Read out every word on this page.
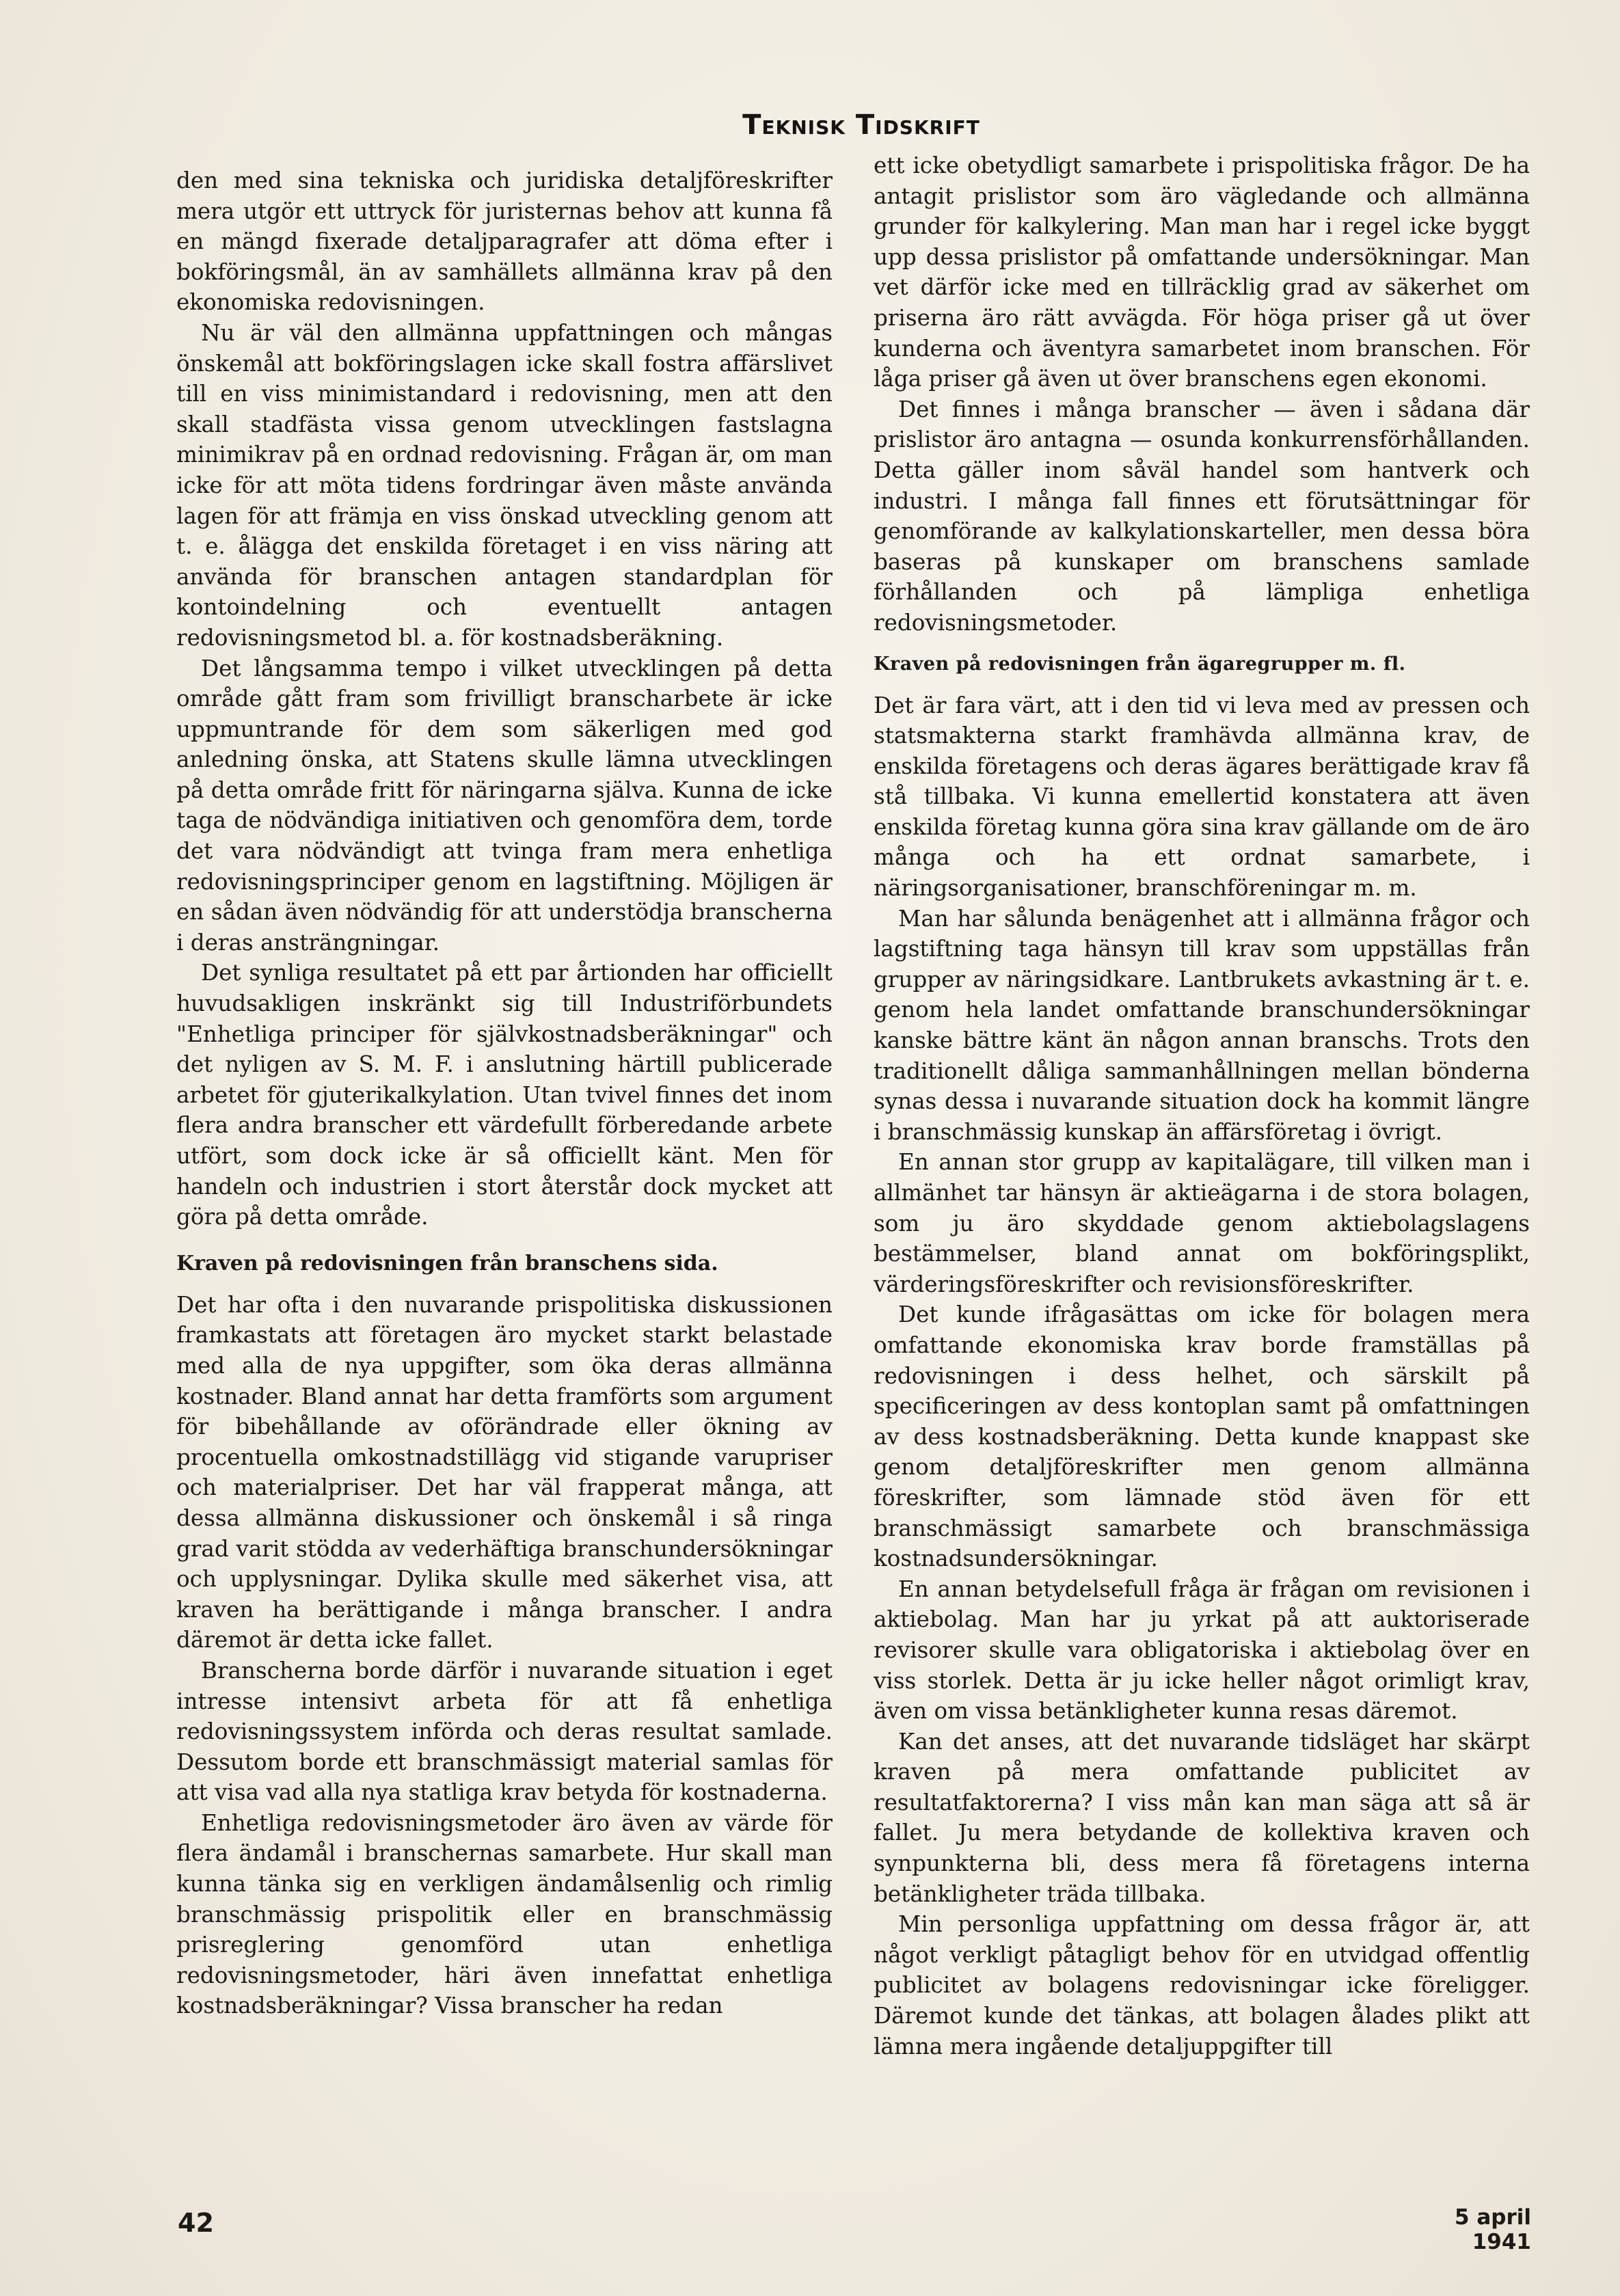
Teknisk Tidskrift

den med sina tekniska och juridiska detaljföreskrifter mera utgör ett uttryck för juristernas behov att kunna få en mängd fixerade detaljparagrafer att döma efter i bokföringsmål, än av samhällets allmänna krav på den ekonomiska redovisningen.

Nu är väl den allmänna uppfattningen och mångas önskemål att bokföringslagen icke skall fostra affärslivet till en viss minimistandard i redovisning, men att den skall stadfästa vissa genom utvecklingen fastslagna minimikrav på en ordnad redovisning. Frågan är, om man icke för att möta tidens fordringar även måste använda lagen för att främja en viss önskad utveckling genom att t. e. ålägga det enskilda företaget i en viss näring att använda för branschen antagen standardplan för kontoindelning och eventuellt antagen redovisningsmetod bl. a. för kostnadsberäkning.

Det långsamma tempo i vilket utvecklingen på detta område gått fram som frivilligt branscharbete är icke uppmuntrande för dem som säkerligen med god anledning önska, att Statens skulle lämna utvecklingen på detta område fritt för näringarna själva. Kunna de icke taga de nödvändiga initiativen och genomföra dem, torde det vara nödvändigt att tvinga fram mera enhetliga redovisningsprinciper genom en lagstiftning. Möjligen är en sådan även nödvändig för att understödja branscherna i deras ansträngningar.

Det synliga resultatet på ett par årtionden har officiellt huvudsakligen inskränkt sig till Industriförbundets "Enhetliga principer för självkostnadsberäkningar" och det nyligen av S. M. F. i anslutning härtill publicerade arbetet för gjuterikalkylation. Utan tvivel finnes det inom flera andra branscher ett värdefullt förberedande arbete utfört, som dock icke är så officiellt känt. Men för handeln och industrien i stort återstår dock mycket att göra på detta område.

Kraven på redovisningen från branschens sida.

Det har ofta i den nuvarande prispolitiska diskussionen framkastats att företagen äro mycket starkt belastade med alla de nya uppgifter, som öka deras allmänna kostnader. Bland annat har detta framförts som argument för bibehållande av oförändrade eller ökning av procentuella omkostnadstillägg vid stigande varupriser och materialpriser. Det har väl frapperat många, att dessa allmänna diskussioner och önskemål i så ringa grad varit stödda av vederhäftiga branschundersökningar och upplysningar. Dylika skulle med säkerhet visa, att kraven ha berättigande i många branscher. I andra däremot är detta icke fallet.

Branscherna borde därför i nuvarande situation i eget intresse intensivt arbeta för att få enhetliga redovisningssystem införda och deras resultat samlade. Dessutom borde ett branschmässigt material samlas för att visa vad alla nya statliga krav betyda för kostnaderna.

Enhetliga redovisningsmetoder äro även av värde för flera ändamål i branschernas samarbete. Hur skall man kunna tänka sig en verkligen ändamålsenlig och rimlig branschmässig prispolitik eller en branschmässig prisreglering genomförd utan enhetliga redovisningsmetoder, häri även innefattat enhetliga kostnadsberäkningar? Vissa branscher ha redan

ett icke obetydligt samarbete i prispolitiska frågor. De ha antagit prislistor som äro vägledande och allmänna grunder för kalkylering. Man man har i regel icke byggt upp dessa prislistor på omfattande undersökningar. Man vet därför icke med en tillräcklig grad av säkerhet om priserna äro rätt avvägda. För höga priser gå ut över kunderna och äventyra samarbetet inom branschen. För låga priser gå även ut över branschens egen ekonomi.

Det finnes i många branscher — även i sådana där prislistor äro antagna — osunda konkurrensförhållanden. Detta gäller inom såväl handel som hantverk och industri. I många fall finnes ett förutsättningar för genomförande av kalkylationskarteller, men dessa böra baseras på kunskaper om branschens samlade förhållanden och på lämpliga enhetliga redovisningsmetoder.

Kraven på redovisningen från ägaregrupper m. fl.

Det är fara värt, att i den tid vi leva med av pressen och statsmakterna starkt framhävda allmänna krav, de enskilda företagens och deras ägares berättigade krav få stå tillbaka. Vi kunna emellertid konstatera att även enskilda företag kunna göra sina krav gällande om de äro många och ha ett ordnat samarbete, i näringsorganisationer, branschföreningar m. m.

Man har sålunda benägenhet att i allmänna frågor och lagstiftning taga hänsyn till krav som uppställas från grupper av näringsidkare. Lantbrukets avkastning är t. e. genom hela landet omfattande branschundersökningar kanske bättre känt än någon annan branschs. Trots den traditionellt dåliga sammanhållningen mellan bönderna synas dessa i nuvarande situation dock ha kommit längre i branschmässig kunskap än affärsföretag i övrigt.

En annan stor grupp av kapitalägare, till vilken man i allmänhet tar hänsyn är aktieägarna i de stora bolagen, som ju äro skyddade genom aktiebolagslagens bestämmelser, bland annat om bokföringsplikt, värderingsföreskrifter och revisionsföreskrifter.

Det kunde ifrågasättas om icke för bolagen mera omfattande ekonomiska krav borde framställas på redovisningen i dess helhet, och särskilt på specificeringen av dess kontoplan samt på omfattningen av dess kostnadsberäkning. Detta kunde knappast ske genom detaljföreskrifter men genom allmänna föreskrifter, som lämnade stöd även för ett branschmässigt samarbete och branschmässiga kostnadsundersökningar.

En annan betydelsefull fråga är frågan om revisionen i aktiebolag. Man har ju yrkat på att auktoriserade revisorer skulle vara obligatoriska i aktiebolag över en viss storlek. Detta är ju icke heller något orimligt krav, även om vissa betänkligheter kunna resas däremot.

Kan det anses, att det nuvarande tidsläget har skärpt kraven på mera omfattande publicitet av resultatfaktorerna? I viss mån kan man säga att så är fallet. Ju mera betydande de kollektiva kraven och synpunkterna bli, dess mera få företagens interna betänkligheter träda tillbaka.

Min personliga uppfattning om dessa frågor är, att något verkligt påtagligt behov för en utvidgad offentlig publicitet av bolagens redovisningar icke föreligger. Däremot kunde det tänkas, att bolagen ålades plikt att lämna mera ingående detaljuppgifter till

42	5 april 1941
